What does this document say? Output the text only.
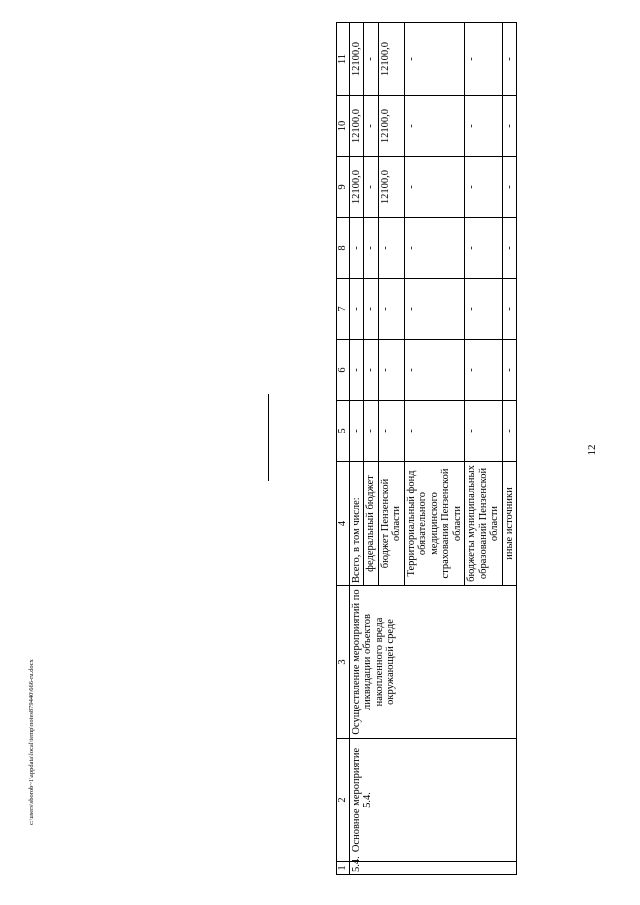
12
1	2	3	4	5	6	7	8	9	10	11
5.4.	Основное мероприятие 5.4.	Осуществление мероприятий по ликвидации объектов накопленного вреда окружающей среде	Всего, в том числе:	-	-	-	-	12100,0	12100,0	12100,0
			федеральный бюджет	-	-	-	-	-	-	-
			бюджет Пензенской области	-	-	-	-	12100,0	12100,0	12100,0
			Территориальный фонд обязательного медицинского страхования Пензенской области	-	-	-	-	-	-	-
			бюджеты муниципальных образований Пензенской области	-	-	-	-	-	-	-
			иные источники	-	-	-	-	-	-	-
c:\users\sborob~1\appdata\local\temp\notes879440\666-ru.docx
